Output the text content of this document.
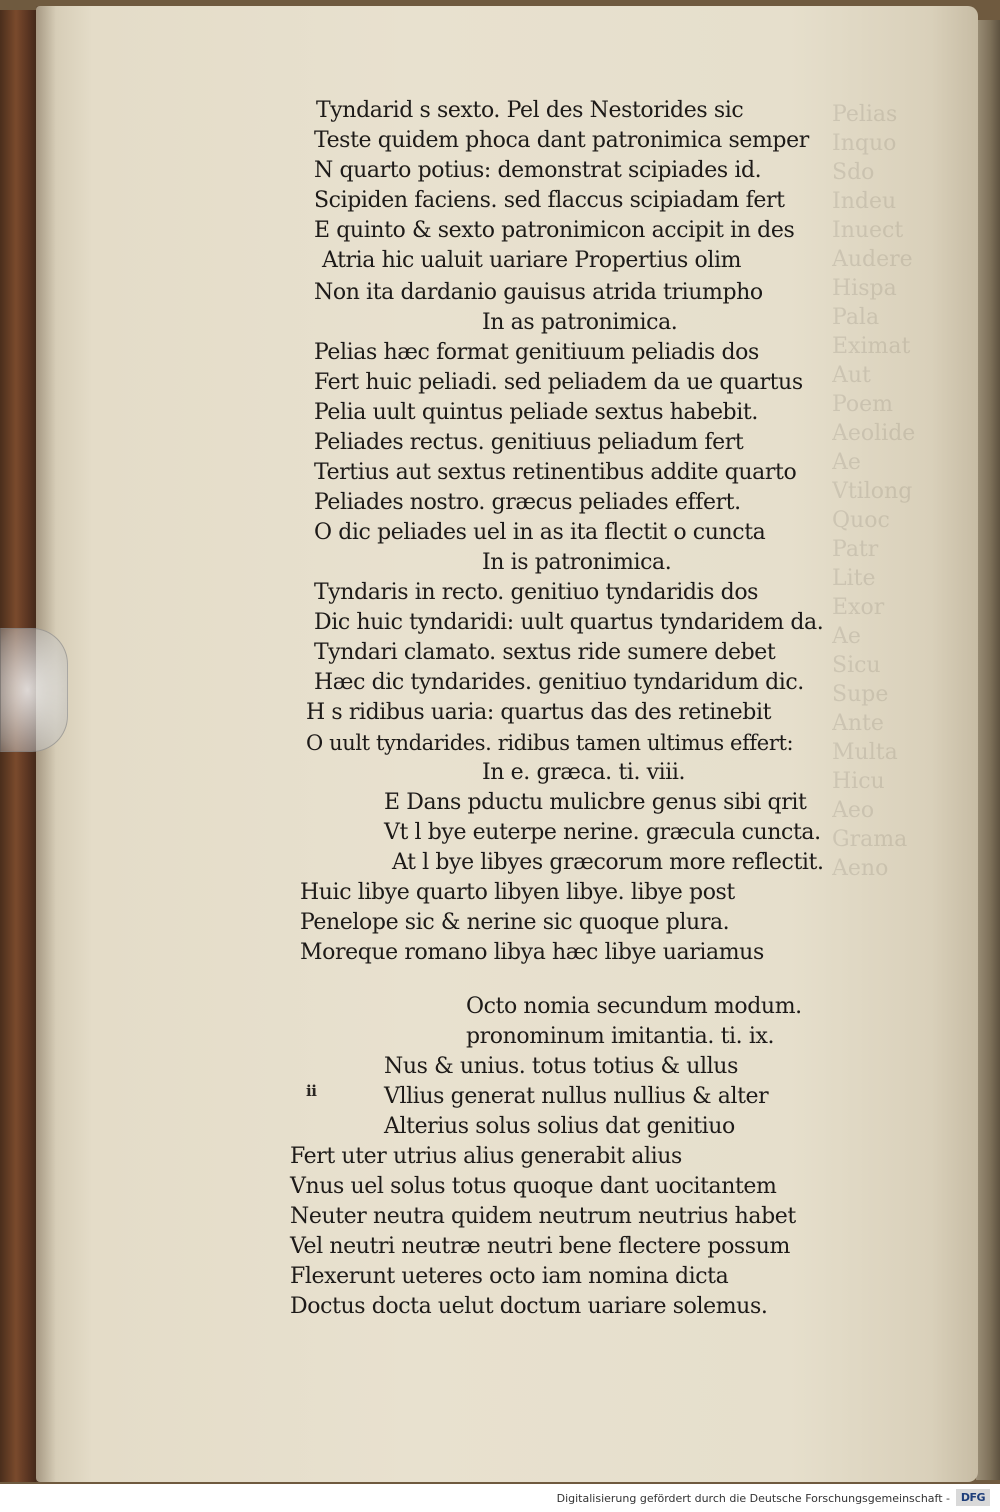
Pelias
Inquo
Sdo
Indeu
Inuect
Audere
Hispa
Pala
Eximat
Aut
Poem
Aeolide
Ae
Vtilong
Quoc
Patr
Lite
Exor
Ae
Sicu
Supe
Ante
Multa
Hicu
Aeo
Grama
Aeno
Tyndarid s sexto. Pel des Nestorides sic
Teste quidem phoca dant patronimica semper
N quarto potius: demonstrat scipiades id.
Scipiden faciens. sed flaccus scipiadam fert
E quinto & sexto patronimicon accipit in des
Atria hic ualuit uariare Propertius olim
Non ita dardanio gauisus atrida triumpho
In as patronimica.
Pelias hæc format genitiuum peliadis dos
Fert huic peliadi. sed peliadem da ue quartus
Pelia uult quintus peliade sextus habebit.
Peliades rectus. genitiuus peliadum fert
Tertius aut sextus retinentibus addite quarto
Peliades nostro. græcus peliades effert.
O dic peliades uel in as ita flectit o cuncta
In is patronimica.
Tyndaris in recto. genitiuo tyndaridis dos
Dic huic tyndaridi: uult quartus tyndaridem da.
Tyndari clamato. sextus ride sumere debet
Hæc dic tyndarides. genitiuo tyndaridum dic.
H s ridibus uaria: quartus das des retinebit
O uult tyndarides. ridibus tamen ultimus effert:
In e. græca. ti. viii.
E Dans pductu mulicbre genus sibi qrit
Vt l bye euterpe nerine. græcula cuncta.
At l bye libyes græcorum more reflectit.
Huic libye quarto libyen libye. libye post
Penelope sic & nerine sic quoque plura.
Moreque romano libya hæc libye uariamus
Octo nomia secundum modum.
pronominum imitantia. ti. ix.
Nus & unius. totus totius & ullus
Vllius generat nullus nullius & alter
Alterius solus solius dat genitiuo
Fert uter utrius alius generabit alius
Vnus uel solus totus quoque dant uocitantem
Neuter neutra quidem neutrum neutrius habet
Vel neutri neutræ neutri bene flectere possum
Flexerunt ueteres octo iam nomina dicta
Doctus docta uelut doctum uariare solemus.
ii
Digitalisierung gefördert durch die Deutsche Forschungsgemeinschaft - DFG
